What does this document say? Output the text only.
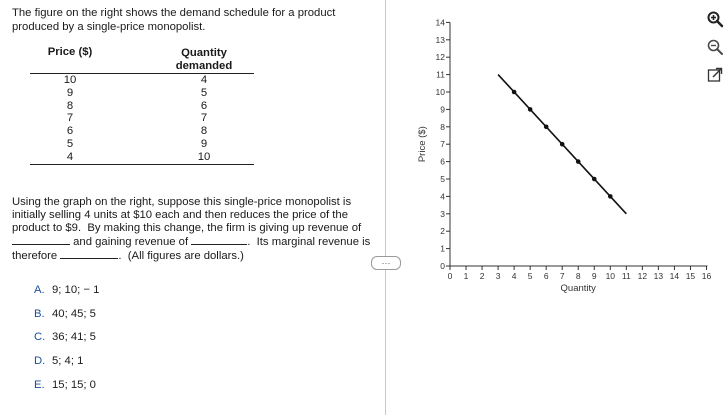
The figure on the right shows the demand schedule for a product produced by a single-price monopolist.

Price ($)	Quantity
demanded
10	4
9	5
8	6
7	7
6	8
5	9
4	10

Using the graph on the right, suppose this single-price monopolist is initially selling 4 units at $10 each and then reduces the price of the product to $9.  By making this change, the firm is giving up revenue of  and gaining revenue of	.  Its marginal revenue is therefore	.  (All figures are dollars.)

A. 9; 10; − 1
B. 40; 45; 5
C. 36; 41; 5
D. 5; 4; 1
E. 15; 15; 0
···	0
1
2
3
4
5
6
7
8
9
10
11
12
13
14
0 1 2 3 4 5 6 7 8 9 10 11 12 13 14 15 16
Quantity
Price ($)
